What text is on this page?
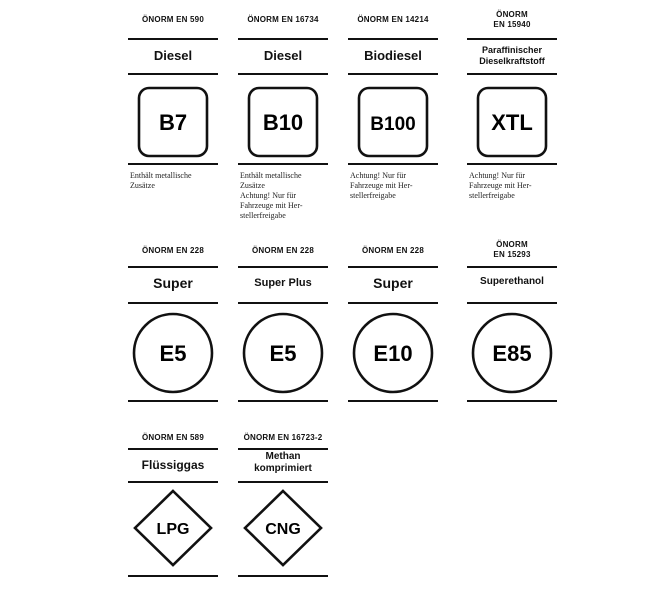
ÖNORM EN 590
Diesel
B7
Enthält metallische
Zusätze
ÖNORM EN 16734
Diesel
B10
Enthält metallische
Zusätze
Achtung! Nur für
Fahrzeuge mit Her-
stellerfreigabe
ÖNORM EN 14214
Biodiesel
B100
Achtung! Nur für
Fahrzeuge mit Her-
stellerfreigabe
ÖNORM
EN 15940
Paraffinischer
Dieselkraftstoff
XTL
Achtung! Nur für
Fahrzeuge mit Her-
stellerfreigabe
ÖNORM EN 228
Super
E5
ÖNORM EN 228
Super Plus
E5
ÖNORM EN 228
Super
E10
ÖNORM
EN 15293
Superethanol
E85
ÖNORM EN 589
Flüssiggas
LPG
ÖNORM EN 16723-2
Methan
komprimiert
CNG
